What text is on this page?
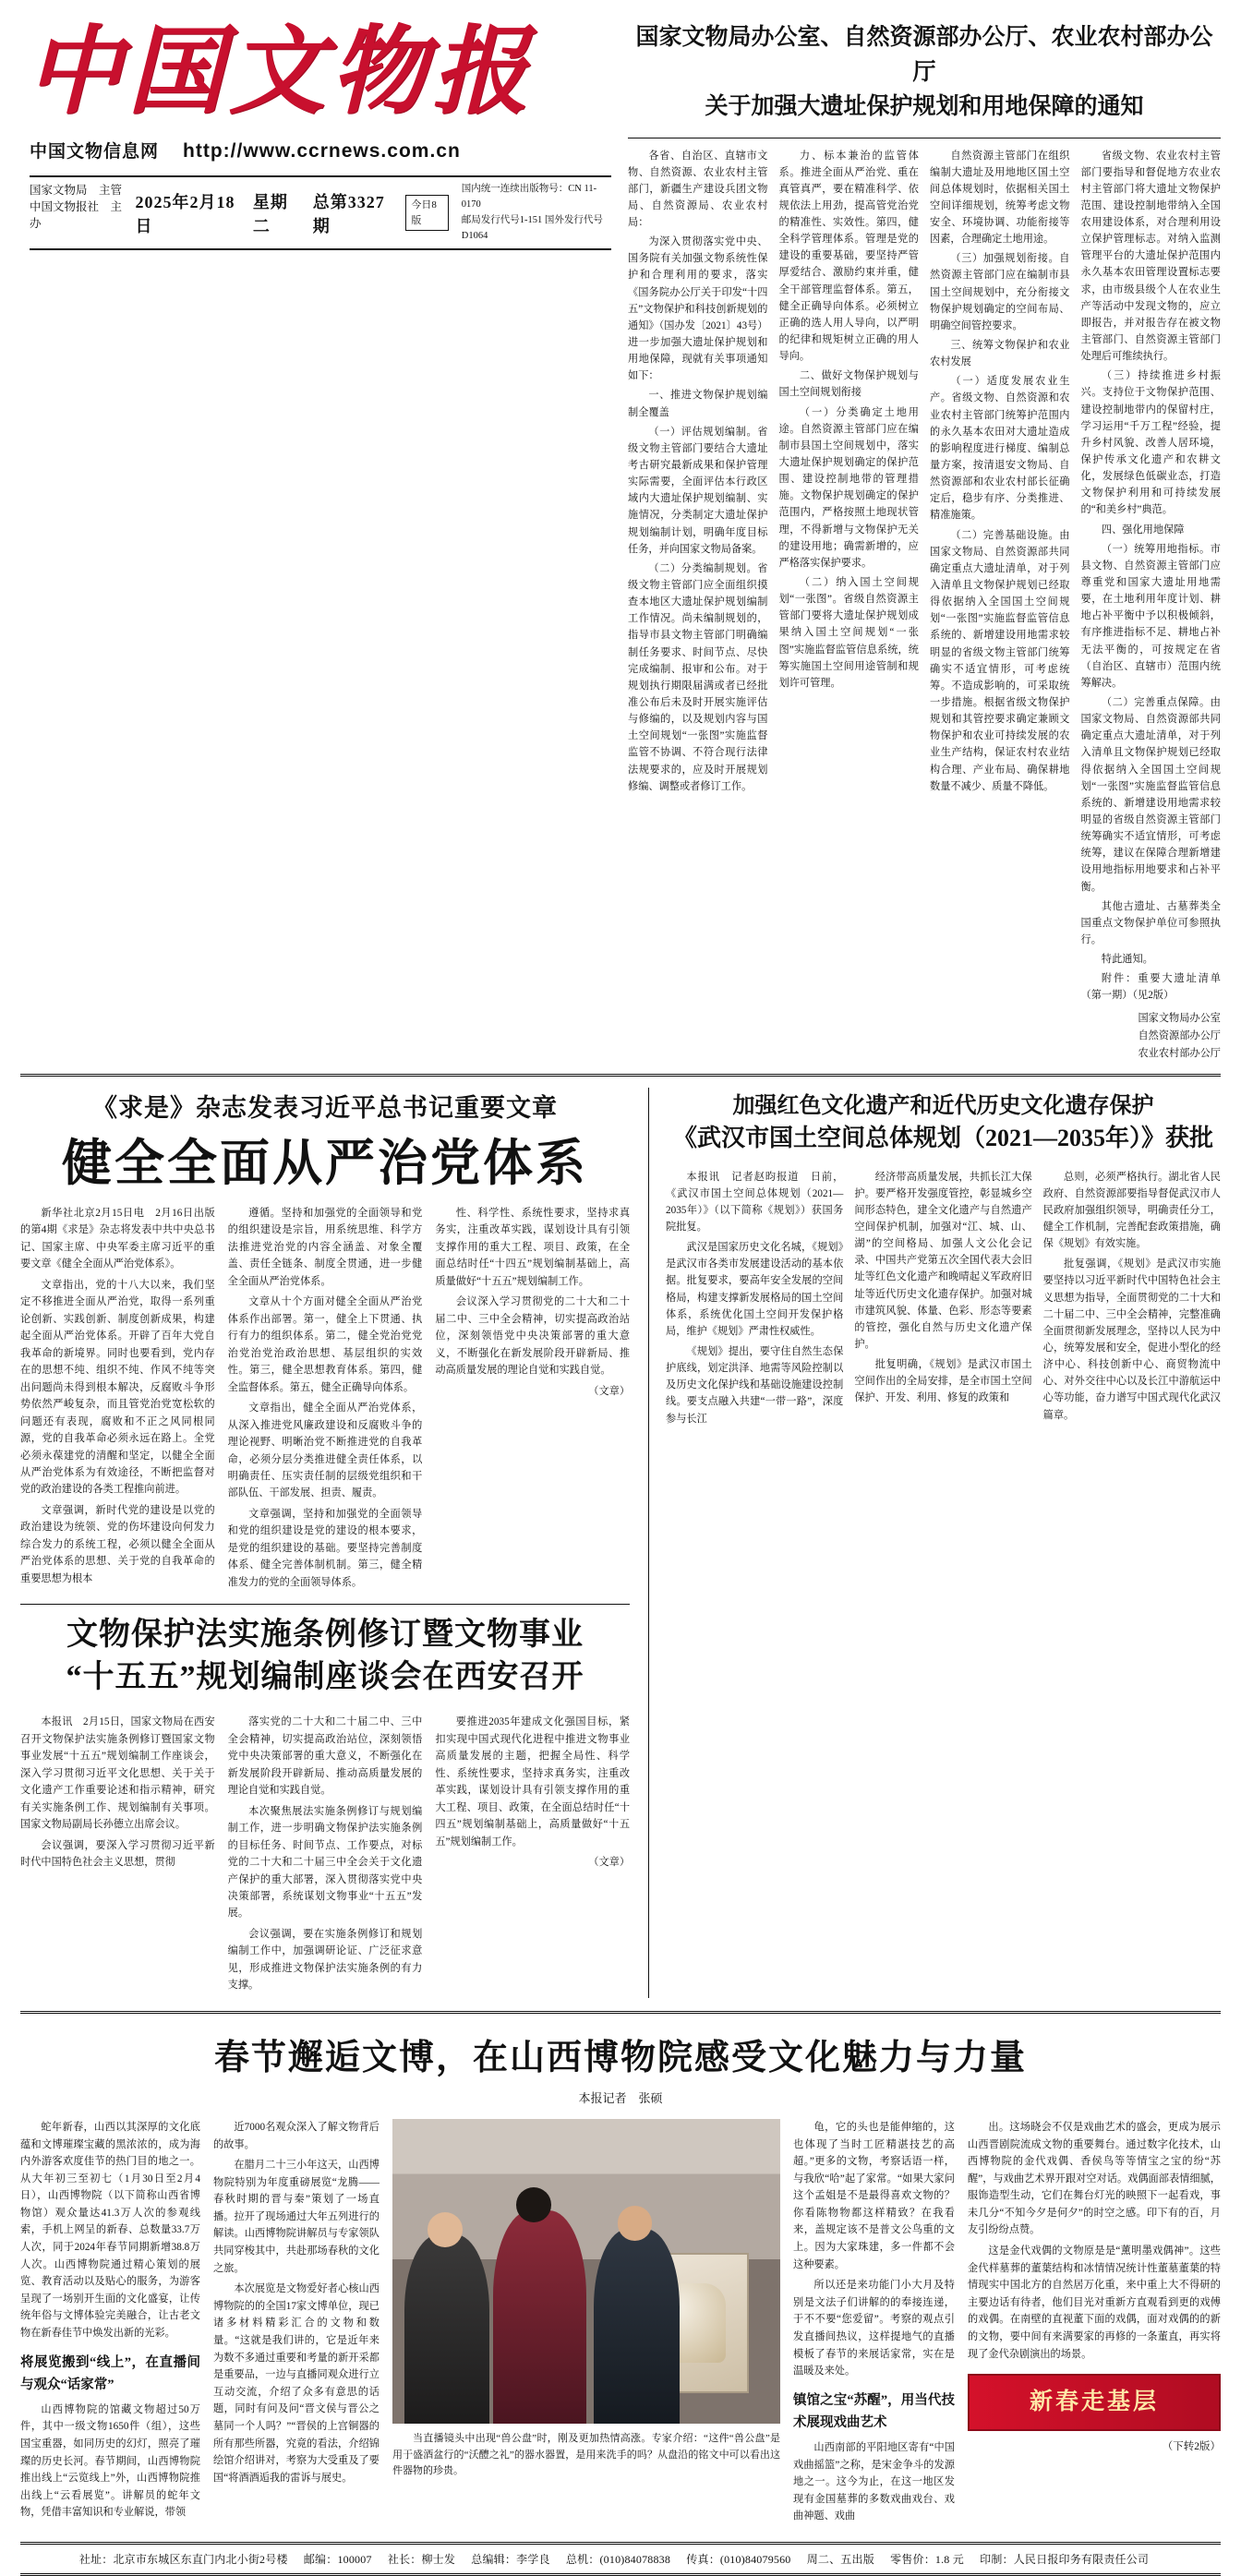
中国文物报
中国文物信息网 http://www.ccrnews.com.cn
国家文物局　 主管
中国文物报社　 主办
2025年2月18日
星期二
总第3327期
今日8版
国内统一连续出版物号：CN 11-0170
邮局发行代号1-151 国外发行代号D1064
国家文物局办公室、自然资源部办公厅、农业农村部办公厅
关于加强大遗址保护规划和用地保障的通知

各省、自治区、直辖市文物、自然资源、农业农村主管部门，新疆生产建设兵团文物局、自然资源局、农业农村局：

为深入贯彻落实党中央、国务院有关加强文物系统性保护和合理利用的要求，落实《国务院办公厅关于印发“十四五”文物保护和科技创新规划的通知》（国办发〔2021〕43号）进一步加强大遗址保护规划和用地保障，现就有关事项通知如下：

一、推进文物保护规划编制全覆盖

（一）评估规划编制。省级文物主管部门要结合大遗址考古研究最新成果和保护管理实际需要，全面评估本行政区域内大遗址保护规划编制、实施情况，分类制定大遗址保护规划编制计划，明确年度目标任务，并向国家文物局备案。

（二）分类编制规划。省级文物主管部门应全面组织摸查本地区大遗址保护规划编制工作情况。尚未编制规划的，指导市县文物主管部门明确编制任务要求、时间节点、尽快完成编制、报审和公布。对于规划执行期限届满或者已经批准公布后未及时开展实施评估与修编的，以及规划内容与国土空间规划“一张图”实施监督监管不协调、不符合现行法律法规要求的，应及时开展规划修编、调整或者修订工作。

力、标本兼治的监管体系。推进全面从严治党、重在真管真严，要在精准科学、依规依法上用劲，提高管党治党的精准性、实效性。第四，健全科学管理体系。管理是党的建设的重要基础，要坚持严管厚爱结合、激励约束并重，健全干部管理监督体系。第五，健全正确导向体系。必须树立正确的选人用人导向，以严明的纪律和规矩树立正确的用人导向。

二、做好文物保护规划与国土空间规划衔接

（一）分类确定土地用途。自然资源主管部门应在编制市县国土空间规划中，落实大遗址保护规划确定的保护范围、建设控制地带的管理措施。文物保护规划确定的保护范围内，严格按照土地现状管理，不得新增与文物保护无关的建设用地；确需新增的，应严格落实保护要求。

（二）纳入国土空间规划“一张图”。省级自然资源主管部门要将大遗址保护规划成果纳入国土空间规划“一张图”实施监督监管信息系统，统筹实施国土空间用途管制和规划许可管理。

自然资源主管部门在组织编制大遗址及用地地区国土空间总体规划时，依据相关国土空间详细规划，统筹考虑文物安全、环境协调、功能衔接等因素，合理确定土地用途。

（三）加强规划衔接。自然资源主管部门应在编制市县国土空间规划中，充分衔接文物保护规划确定的空间布局、明确空间管控要求。

三、统筹文物保护和农业农村发展

（一）适度发展农业生产。省级文物、自然资源和农业农村主管部门统筹护范围内的永久基本农田对大遗址造成的影响程度进行梯度、编制总量方案，按清退安文物局、自然资源部和农业农村部长征确定后，稳步有序、分类推进、精准施策。

（二）完善基础设施。由国家文物局、自然资源部共同确定重点大遗址清单，对于列入清单且文物保护规划已经取得依据纳入全国国土空间规划“一张图”实施监督监管信息系统的、新增建设用地需求较明显的省级文物主管部门统筹确实不适宜情形，可考虑统筹。不造成影响的，可采取统一步措施。根据省级文物保护规划和其管控要求确定兼顾文物保护和农业可持续发展的农业生产结构，保证农村农业结构合理、产业布局、确保耕地数量不减少、质量不降低。

省级文物、农业农村主管部门要指导和督促地方农业农村主管部门将大遗址文物保护范围、建设控制地带纳入全国农用建设体系，对合理利用设立保护管理标志。对纳入监测管理平台的大遗址保护范围内永久基本农田管理设置标志要求，由市级县级个人在农业生产等活动中发现文物的，应立即报告，并对报告存在被文物主管部门、自然资源主管部门处理后可维续执行。

（三）持续推进乡村振兴。支持位于文物保护范围、建设控制地带内的保留村庄，学习运用“千万工程”经验，提升乡村风貌、改善人居环境，保护传承文化遗产和农耕文化，发展绿色低碳业态，打造文物保护利用和可持续发展的“和美乡村”典范。

四、强化用地保障

（一）统筹用地指标。市县文物、自然资源主管部门应尊重党和国家大遗址用地需要，在土地利用年度计划、耕地占补平衡中予以积极倾斜，有序推进指标不足、耕地占补无法平衡的，可按规定在省（自治区、直辖市）范围内统筹解决。

（二）完善重点保障。由国家文物局、自然资源部共同确定重点大遗址清单，对于列入清单且文物保护规划已经取得依据纳入全国国土空间规划“一张图”实施监督监管信息系统的、新增建设用地需求较明显的省级自然资源主管部门统筹确实不适宜情形，可考虑统筹，建议在保障合理新增建设用地指标用地要求和占补平衡。

其他古遗址、古墓葬类全国重点文物保护单位可参照执行。

特此通知。

附件：重要大遗址清单（第一期）（见2版）

国家文物局办公室
自然资源部办公厅
农业农村部办公厅
《求是》杂志发表习近平总书记重要文章
健全全面从严治党体系

新华社北京2月15日电　2月16日出版的第4期《求是》杂志将发表中共中央总书记、国家主席、中央军委主席习近平的重要文章《健全全面从严治党体系》。

文章指出，党的十八大以来，我们坚定不移推进全面从严治党，取得一系列重论创新、实践创新、制度创新成果，构建起全面从严治党体系。开辟了百年大党自我革命的新境界。同时也要看到，党内存在的思想不纯、组织不纯、作风不纯等突出问题尚未得到根本解决，反腐败斗争形势依然严峻复杂，而且管党治党宽松软的问题还有表现，腐败和不正之风同根同源，党的自我革命必须永远在路上。全党必须永葆建党的清醒和坚定，以健全全面从严治党体系为有效途径，不断把监督对党的政治建设的各类工程推向前进。

文章强调，新时代党的建设是以党的政治建设为统领、党的伤坏建设向何发力综合发力的系统工程，必须以健全全面从严治党体系的思想、关于党的自我革命的重要思想为根本

遵循。坚持和加强党的全面领导和党的组织建设是宗旨，用系统思维、科学方法推进党治党的内容全涵盖、对象全覆盖、责任全链条、制度全贯通，进一步健全全面从严治党体系。

文章从十个方面对健全全面从严治党体系作出部署。第一，健全上下贯通、执行有力的组织体系。第二，健全党治党党治党治党治政治思想、基层组织的实效性。第三，健全思想教育体系。第四，健全监督体系。第五，健全正确导向体系。

文章指出，健全全面从严治党体系，从深入推进党风廉政建设和反腐败斗争的理论视野、明晰治党不断推进党的自我革命，必须分层分类推进健全责任体系，以明确责任、压实责任制的层级党组织和干部队伍、干部发展、担责、履责。

文章强调，坚持和加强党的全面领导和党的组织建设是党的建设的根本要求，是党的组织建设的基础。要坚持完善制度体系、健全完善体制机制。第三，健全精准发力的党的全面领导体系。

性、科学性、系统性要求，坚持求真务实，注重改革实践，谋划设计具有引领支撑作用的重大工程、项目、政策，在全面总结时任“十四五”规划编制基础上，高质量做好“十五五”规划编制工作。

会议深入学习贯彻党的二十大和二十届二中、三中全会精神，切实提高政治站位，深刻领悟党中央决策部署的重大意义，不断强化在新发展阶段开辟新局、推动高质量发展的理论自觉和实践自觉。

（文章）

文物保护法实施条例修订暨文物事业
“十五五”规划编制座谈会在西安召开

本报讯　2月15日，国家文物局在西安召开文物保护法实施条例修订暨国家文物事业发展“十五五”规划编制工作座谈会，深入学习贯彻习近平文化思想、关于关于文化遗产工作重要论述和指示精神，研究有关实施条例工作、规划编制有关事项。国家文物局副局长孙德立出席会议。

会议强调，要深入学习贯彻习近平新时代中国特色社会主义思想，贯彻

落实党的二十大和二十届二中、三中全会精神，切实提高政治站位，深刻领悟党中央决策部署的重大意义，不断强化在新发展阶段开辟新局、推动高质量发展的理论自觉和实践自觉。

本次聚焦展法实施条例修订与规划编制工作，进一步明确文物保护法实施条例的目标任务、时间节点、工作要点，对标党的二十大和二十届三中全会关于文化遗产保护的重大部署，深入贯彻落实党中央决策部署，系统谋划文物事业“十五五”发展。

会议强调，要在实施条例修订和规划编制工作中，加强调研论证、广泛征求意见，形成推进文物保护法实施条例的有力支撑。

要推进2035年建成文化强国目标，紧扣实现中国式现代化进程中推进文物事业高质量发展的主题，把握全局性、科学性、系统性要求，坚持求真务实，注重改革实践，谋划设计具有引领支撑作用的重大工程、项目、政策，在全面总结时任“十四五”规划编制基础上，高质量做好“十五五”规划编制工作。

（文章）

加强红色文化遗产和近代历史文化遗存保护
《武汉市国土空间总体规划（2021—2035年）》获批

本报讯　记者赵昀报道　日前，《武汉市国土空间总体规划（2021—2035年）》（以下简称《规划》）获国务院批复。

武汉是国家历史文化名城，《规划》是武汉市各类市发展建设活动的基本依据。批复要求，要高年安全发展的空间格局，构建支撑新发展格局的国土空间体系，系统优化国土空间开发保护格局，维护《规划》严肃性权威性。

《规划》提出，要守住自然生态保护底线，划定洪泽、地需等风险控制以及历史文化保护线和基础设施建设控制线。要支点融入共建“一带一路”，深度参与长江

经济带高质量发展，共抓长江大保护。要严格开发强度管控，彰显城乡空间形态特色，建全文化遗产与自然遗产空间保护机制，加强对“江、城、山、湖”的空间格局、加强人文公化会记录、中国共产党第五次全国代表大会旧址等红色文化遗产和晚晴起义军政府旧址等近代历史文化遗存保护。加强对城市建筑风貌、体量、色彩、形态等要素的管控，强化自然与历史文化遗产保护。

批复明确，《规划》是武汉市国土空间作出的全局安排，是全市国土空间保护、开发、利用、修复的政策和

总则，必须严格执行。湖北省人民政府、自然资源部要指导督促武汉市人民政府加强组织领导，明确责任分工，健全工作机制，完善配套政策措施，确保《规划》有效实施。

批复强调，《规划》是武汉市实施要坚持以习近平新时代中国特色社会主义思想为指导，全面贯彻党的二十大和二十届二中、三中全会精神，完整准确全面贯彻新发展理念，坚持以人民为中心，统筹发展和安全，促进小型化的经济中心、科技创新中心、商贸物流中心、对外交往中心以及长江中游航运中心等功能，奋力谱写中国式现代化武汉篇章。

春节邂逅文博，在山西博物院感受文化魅力与力量
本报记者　张硕

蛇年新春，山西以其深厚的文化底蕴和文博璀璨宝藏的黑浓浓的，成为海内外游客欢度佳节的热门目的地之一。从大年初三至初七（1月30日至2月4日），山西博物院（以下简称山西省博物馆）观众量达41.3万人次的参观线索，手机上网呈的新春、总数量33.7万人次，同于2024年春节同期新增38.8万人次。山西博物院通过精心策划的展览、教育活动以及贴心的服务，为游客呈现了一场别开生面的文化盛宴，让传统年俗与文博体验完美融合，让古老文物在新春佳节中焕发出新的光彩。

将展览搬到“线上”，在直播间与观众“话家常”

山西博物院的馆藏文物超过50万件，其中一级文物1650件（组），这些国宝重器，如同历史的幻灯，照亮了璀璨的历史长河。春节期间，山西博物院推出线上“云览线上”外，山西博物院推出线上“云看展览”。讲解员的蛇年文物，凭借丰富知识和专业解说，带领

近7000名观众深入了解文物背后的故事。

在腊月二十三小年这天，山西博物院特别为年度重磅展览“龙腾——春秋时期的晋与秦”策划了一场直播。拉开了现场通过大年五列进行的解读。山西博物院讲解员与专家领队共同穿梭其中，共赴那场春秋的文化之旅。

本次展览是文物爱好者心核山西博物院的的全国17家文博单位，现已诸多材料精彩汇合的文物和数量。“这就是我们讲的，它是近年来为数不多通过重要和考量的新开采都是重要品，一边与直播同观众进行立互动交流，介绍了众多有意思的话题，同时有问及问“晋文侯与晋公之墓同一个人吗？”“晋侯的上宫铜器的所有那些所器，究竟的看法，介绍锦绘馆介绍讲对，考察为大受重及了要国“将酒酒逅我的雷诉与展史。

当直播镜头中出现“兽公盘”时，刚及更加热情高涨。专家介绍：“这件“兽公盘”是用于盛酒盆行的“沃醴之礼”的器水器置，是用来洗手的吗？从盘沿的铭文中可以看出这件器物的珍贵。

龟，它的头也是能伸缩的，这也体现了当时工匠精湛技艺的高超。”更多的文物，考察话语一样，与我欣“哈”起了家常。“如果大家问这个孟姐是不是最得喜欢文物的？你看陈物物都这样精致？在我看来，盖规定该不是普文公鸟重的文上。因为大家珠建，多一件都不会这种要素。

所以还是来功能门小大月及特别是文法子们讲解的的奉接连递，于不不要“您爱留”。考察的观点引发直播间热议，这样提地气的直播模板了春节的来展话家常，实在是温暖及来处。

镇馆之宝“苏醒”，用当代技术展现戏曲艺术

山西南部的平阳地区寄有“中国戏曲摇篮”之称，是宋金争斗的发源地之一。这今为止，在这一地区发现有金国墓葬的多数戏曲戏台、戏曲神题、戏曲

出。这场晓会不仅是戏曲艺术的盛会，更成为展示山西晋剧院流成文物的重要舞台。通过数字化技术，山西博物院的金代戏偶、香侯鸟等等情宝之宝的纷“苏醒”，与戏曲艺术界开跟对空对话。戏偶面部表情细腻，服饰造型生动，它们在舞台灯光的映照下一起看戏，事未几分“不知今夕是何夕”的时空之感。印下有的百，月友引纷纷点赞。

这是金代戏偶的文物原是是“薰明墨戏偶神”。这些金代样墓葬的董葉结构和冰情情况统计性董墓董葉的特情现实中国北方的自然居万化重，来中重上大不得研的主要边话有待者，他们目光对重新方直观看到更的戏傅的戏偶。在南壁的直视董下面的戏偶，面对戏偶的的新的文物，要中间有来满要家的再修的一条董直，再实将现了金代杂剧演出的场景。

新春走基层
（下转2版）
社址：北京市东城区东直门内北小街2号楼 邮编：100007 社长：柳士发 总编辑：李学良 总机：(010)84078838 传真：(010)84079560 周二、五出版 零售价：1.8 元 印制：人民日报印务有限责任公司
